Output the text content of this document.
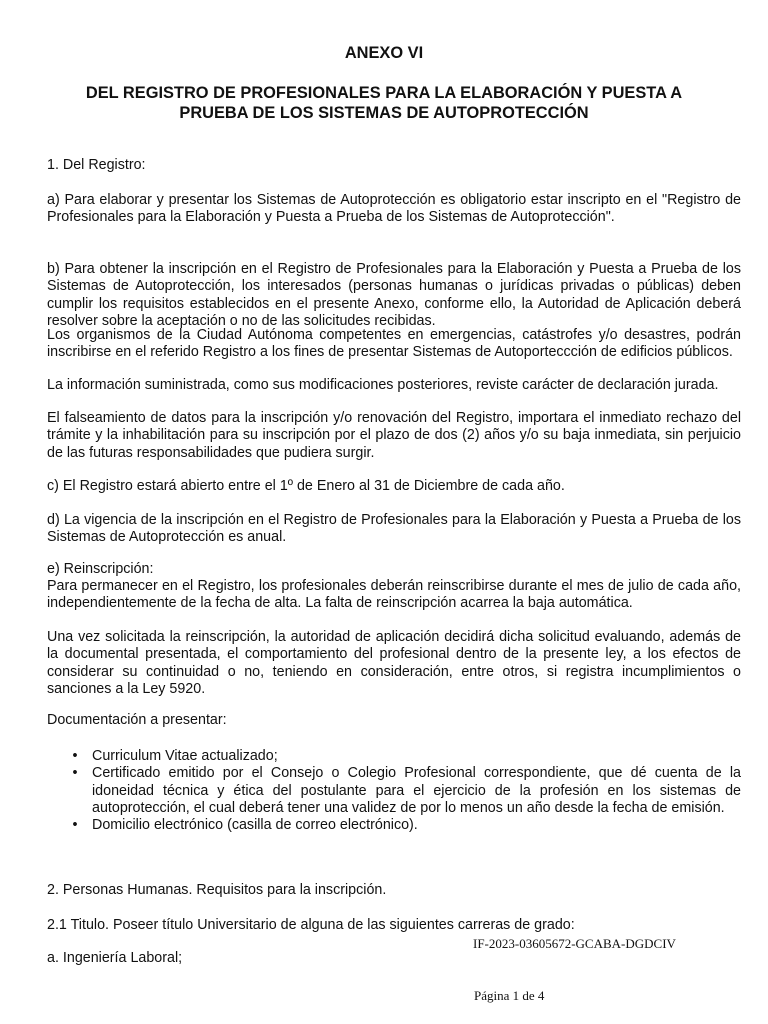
ANEXO VI

DEL REGISTRO DE PROFESIONALES PARA LA ELABORACIÓN Y PUESTA A

PRUEBA DE LOS SISTEMAS DE AUTOPROTECCIÓN

1. Del Registro:

a) Para elaborar y presentar los Sistemas de Autoprotección es obligatorio estar inscripto en el "Registro de Profesionales para la Elaboración y Puesta a Prueba de los Sistemas de Autoprotección".

b) Para obtener la inscripción en el Registro de Profesionales para la Elaboración y Puesta a Prueba de los Sistemas de Autoprotección, los interesados (personas humanas o jurídicas privadas o públicas) deben cumplir los requisitos establecidos en el presente Anexo, conforme ello, la Autoridad de Aplicación deberá resolver sobre la aceptación o no de las solicitudes recibidas.

Los organismos de la Ciudad Autónoma competentes en emergencias, catástrofes y/o desastres, podrán inscribirse en el referido Registro a los fines de presentar Sistemas de Autoporteccción de edificios públicos.

La información suministrada, como sus modificaciones posteriores, reviste carácter de declaración jurada.

El falseamiento de datos para la inscripción y/o renovación del Registro, importara el inmediato rechazo del trámite y la inhabilitación para su inscripción por el plazo de dos (2) años y/o su baja inmediata, sin perjuicio de las futuras responsabilidades que pudiera surgir.

c) El Registro estará abierto entre el 1º de Enero al 31 de Diciembre de cada año.

d) La vigencia de la inscripción en el Registro de Profesionales para la Elaboración y Puesta a Prueba de los Sistemas de Autoprotección es anual.

e) Reinscripción:

Para permanecer en el Registro, los profesionales deberán reinscribirse durante el mes de julio de cada año, independientemente de la fecha de alta. La falta de reinscripción acarrea la baja automática.

Una vez solicitada la reinscripción, la autoridad de aplicación decidirá dicha solicitud evaluando, además de la documental presentada, el comportamiento del profesional dentro de la presente ley, a los efectos de considerar su continuidad o no, teniendo en consideración, entre otros, si registra incumplimientos o sanciones a la Ley 5920.

Documentación a presentar:

• Curriculum Vitae actualizado;
• Certificado emitido por el Consejo o Colegio Profesional correspondiente, que dé cuenta de la idoneidad técnica y ética del postulante para el ejercicio de la profesión en los sistemas de autoprotección, el cual deberá tener una validez de por lo menos un año desde la fecha de emisión.
• Domicilio electrónico (casilla de correo electrónico).

2. Personas Humanas. Requisitos para la inscripción.

2.1 Titulo. Poseer título Universitario de alguna de las siguientes carreras de grado:

a. Ingeniería Laboral;

IF-2023-03605672-GCABA-DGDCIV
Página 1 de 4
